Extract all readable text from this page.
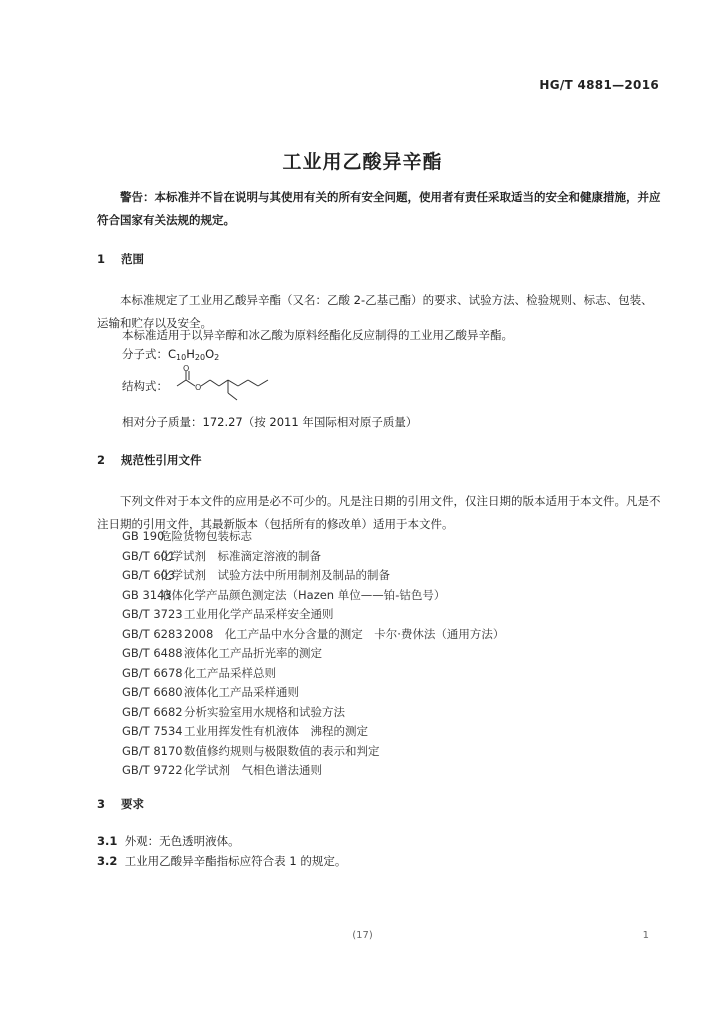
HG/T 4881—2016
工业用乙酸异辛酯
警告：本标准并不旨在说明与其使用有关的所有安全问题，使用者有责任采取适当的安全和健康措施，并应符合国家有关法规的规定。
1 范围
本标准规定了工业用乙酸异辛酯（又名：乙酸 2-乙基己酯）的要求、试验方法、检验规则、标志、包装、运输和贮存以及安全。
本标准适用于以异辛醇和冰乙酸为原料经酯化反应制得的工业用乙酸异辛酯。
分子式：$C_{10}H_{20}O_2$
结构式：
O
O
相对分子质量：172.27（按 2011 年国际相对原子质量）
2 规范性引用文件
下列文件对于本文件的应用是必不可少的。凡是注日期的引用文件，仅注日期的版本适用于本文件。凡是不注日期的引用文件，其最新版本（包括所有的修改单）适用于本文件。
GB 190危险货物包装标志
GB/T 601化学试剂　标准滴定溶液的制备
GB/T 603化学试剂　试验方法中所用制剂及制品的制备
GB 3143液体化学产品颜色测定法（Hazen 单位——铂-钴色号）
GB/T 3723工业用化学产品采样安全通则
GB/T 62832008　化工产品中水分含量的测定　卡尔·费休法（通用方法）
GB/T 6488液体化工产品折光率的测定
GB/T 6678化工产品采样总则
GB/T 6680液体化工产品采样通则
GB/T 6682分析实验室用水规格和试验方法
GB/T 7534工业用挥发性有机液体　沸程的测定
GB/T 8170数值修约规则与极限数值的表示和判定
GB/T 9722化学试剂　气相色谱法通则
3 要求
3.1 外观：无色透明液体。
3.2 工业用乙酸异辛酯指标应符合表 1 的规定。
(17)	1
